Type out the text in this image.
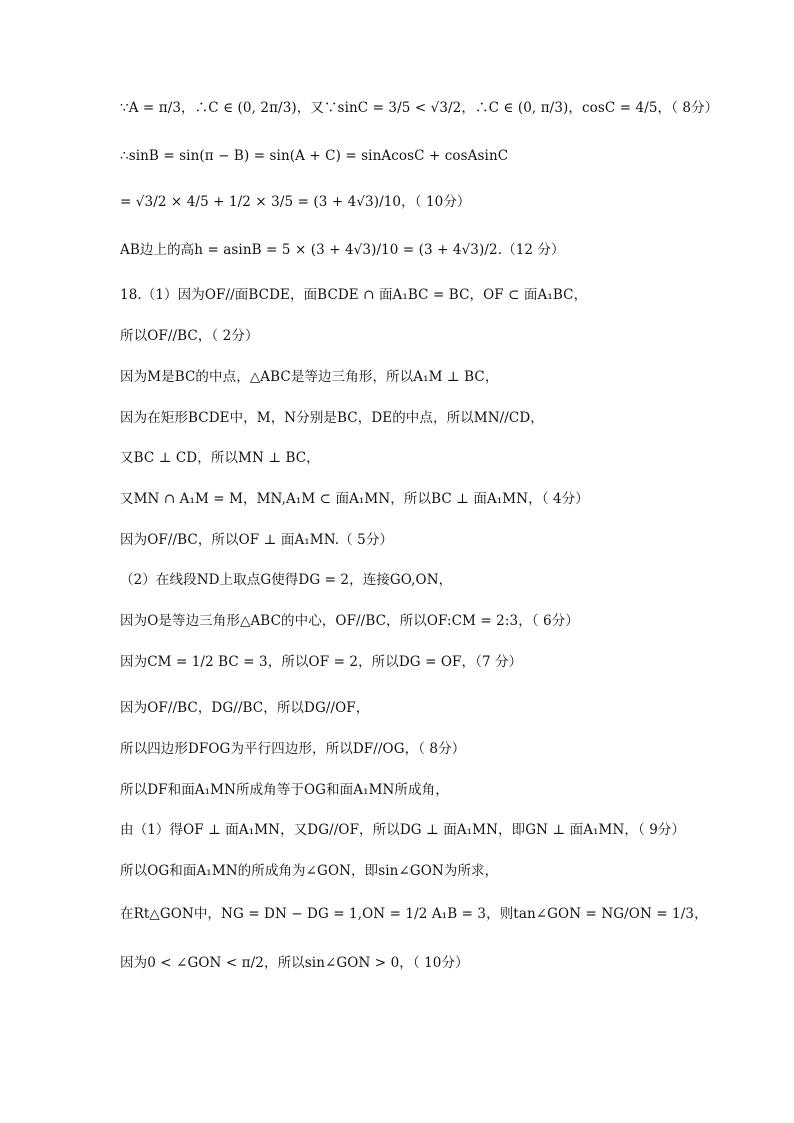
∵A = π/3，∴C ∈ (0, 2π/3)，又∵sinC = 3/5 < √3/2，∴C ∈ (0, π/3)，cosC = 4/5，（ 8分）
∴sinB = sin(π − B) = sin(A + C) = sinAcosC + cosAsinC
= √3/2 × 4/5 + 1/2 × 3/5 = (3 + 4√3)/10，（ 10分）
AB边上的高h = asinB = 5 × (3 + 4√3)/10 = (3 + 4√3)/2.（12 分）
18.（1）因为OF//面BCDE，面BCDE ∩ 面A₁BC = BC，OF ⊂ 面A₁BC，
所以OF//BC，（ 2分）
因为M是BC的中点，△ABC是等边三角形，所以A₁M ⊥ BC，
因为在矩形BCDE中，M，N分别是BC，DE的中点，所以MN//CD，
又BC ⊥ CD，所以MN ⊥ BC，
又MN ∩ A₁M = M，MN,A₁M ⊂ 面A₁MN，所以BC ⊥ 面A₁MN，（ 4分）
因为OF//BC，所以OF ⊥ 面A₁MN.（ 5分）
（2）在线段ND上取点G使得DG = 2，连接GO,ON，
因为O是等边三角形△ABC的中心，OF//BC，所以OF:CM = 2:3，（ 6分）
因为CM = 1/2 BC = 3，所以OF = 2，所以DG = OF，（7 分）
因为OF//BC，DG//BC，所以DG//OF，
所以四边形DFOG为平行四边形，所以DF//OG，（ 8分）
所以DF和面A₁MN所成角等于OG和面A₁MN所成角，
由（1）得OF ⊥ 面A₁MN，又DG//OF，所以DG ⊥ 面A₁MN，即GN ⊥ 面A₁MN，（ 9分）
所以OG和面A₁MN的所成角为∠GON，即sin∠GON为所求，
在Rt△GON中，NG = DN − DG = 1,ON = 1/2 A₁B = 3，则tan∠GON = NG/ON = 1/3，
因为0 < ∠GON < π/2，所以sin∠GON > 0，（ 10分）
